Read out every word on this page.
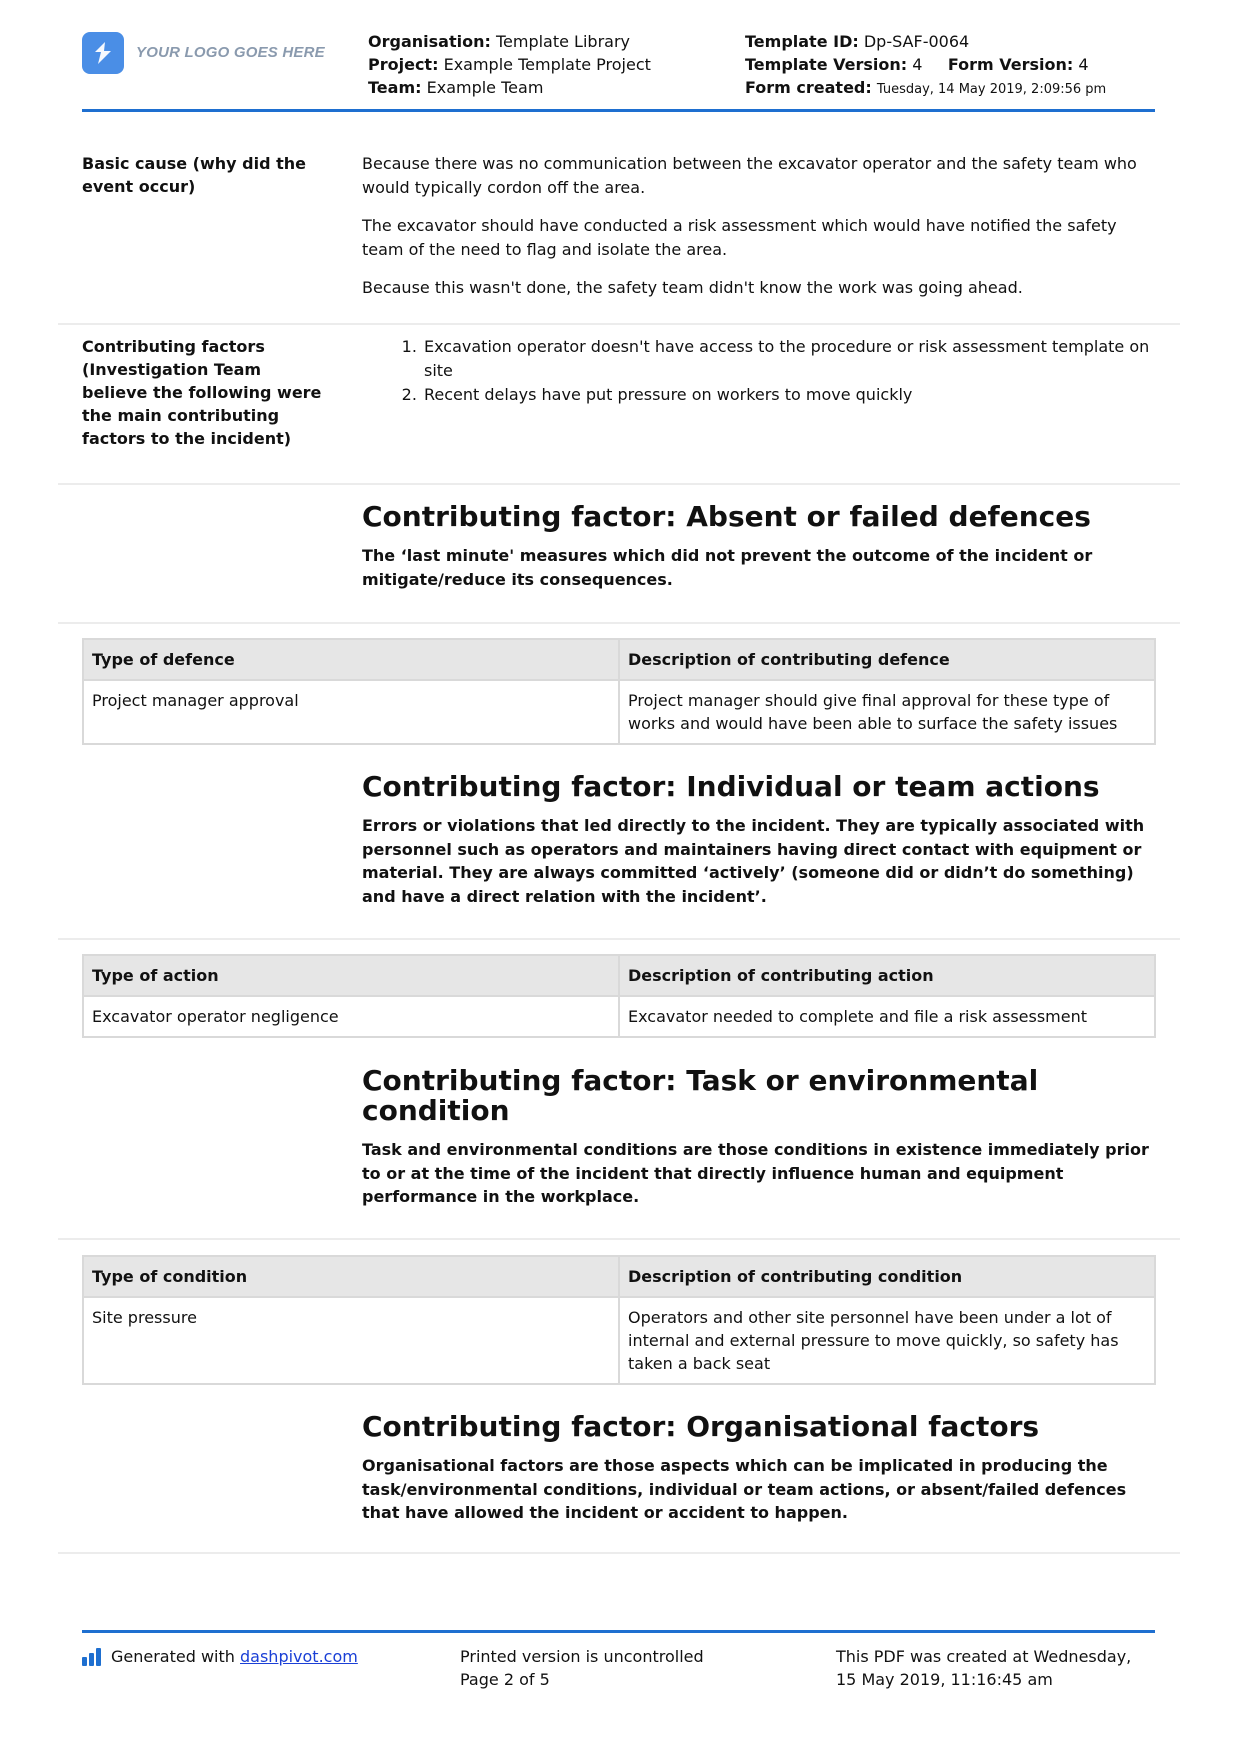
YOUR LOGO GOES HERE
Organisation: Template Library
Project: Example Template Project
Team: Example Team
Template ID: Dp-SAF-0064
Template Version: 4 Form Version: 4
Form created: Tuesday, 14 May 2019, 2:09:56 pm
Basic cause (why did the event occur)

Because there was no communication between the excavator operator and the safety team who would typically cordon off the area.

The excavator should have conducted a risk assessment which would have notified the safety team of the need to flag and isolate the area.

Because this wasn't done, the safety team didn't know the work was going ahead.

Contributing factors (Investigation Team believe the following were the main contributing factors to the incident)
1. Excavation operator doesn't have access to the procedure or risk assessment template on site
2. Recent delays have put pressure on workers to move quickly
Contributing factor: Absent or failed defences
The ‘last minute' measures which did not prevent the outcome of the incident or mitigate/reduce its consequences.
Type of defence	Description of contributing defence
Project manager approval	Project manager should give final approval for these type of works and would have been able to surface the safety issues
Contributing factor: Individual or team actions
Errors or violations that led directly to the incident. They are typically associated with personnel such as operators and maintainers having direct contact with equipment or material. They are always committed ‘actively’ (someone did or didn’t do something) and have a direct relation with the incident’.
Type of action	Description of contributing action
Excavator operator negligence	Excavator needed to complete and file a risk assessment
Contributing factor: Task or environmental condition
Task and environmental conditions are those conditions in existence immediately prior to or at the time of the incident that directly influence human and equipment performance in the workplace.
Type of condition	Description of contributing condition
Site pressure	Operators and other site personnel have been under a lot of internal and external pressure to move quickly, so safety has taken a back seat
Contributing factor: Organisational factors
Organisational factors are those aspects which can be implicated in producing the task/environmental conditions, individual or team actions, or absent/failed defences that have allowed the incident or accident to happen.
Generated with dashpivot.com	Printed version is uncontrolled
Page 2 of 5
This PDF was created at Wednesday, 15 May 2019, 11:16:45 am
